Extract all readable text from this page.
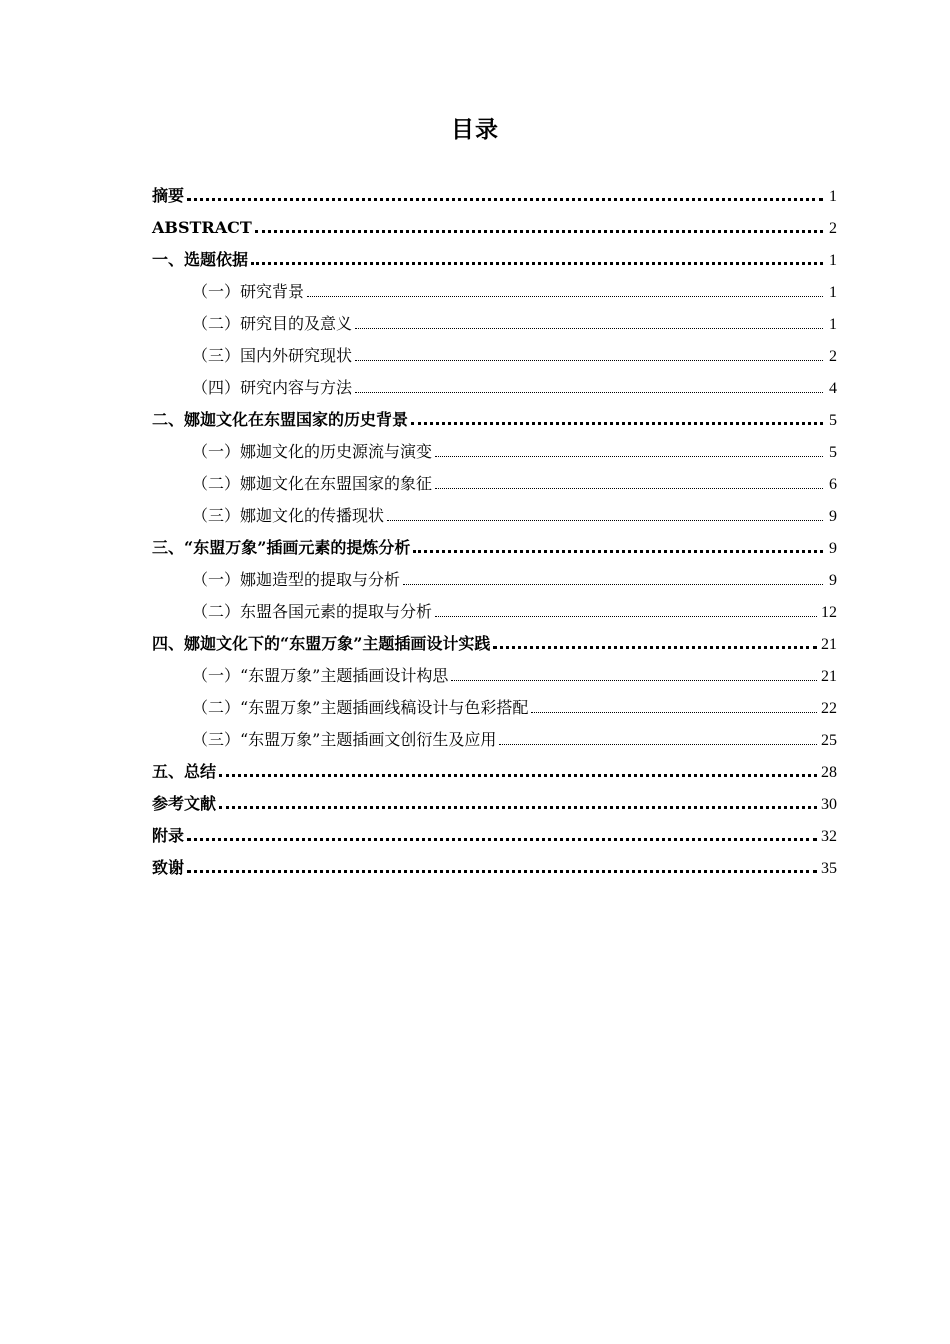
目录
摘要	1
ABSTRACT	2
一、选题依据	1
（一）研究背景	1
（二）研究目的及意义	1
（三）国内外研究现状	2
（四）研究内容与方法	4
二、娜迦文化在东盟国家的历史背景	5
（一）娜迦文化的历史源流与演变	5
（二）娜迦文化在东盟国家的象征	6
（三）娜迦文化的传播现状	9
三、“东盟万象”插画元素的提炼分析	9
（一）娜迦造型的提取与分析	9
（二）东盟各国元素的提取与分析	12
四、娜迦文化下的“东盟万象”主题插画设计实践	21
（一）“东盟万象”主题插画设计构思	21
（二）“东盟万象”主题插画线稿设计与色彩搭配	22
（三）“东盟万象”主题插画文创衍生及应用	25
五、总结	28
参考文献	30
附录	32
致谢	35
